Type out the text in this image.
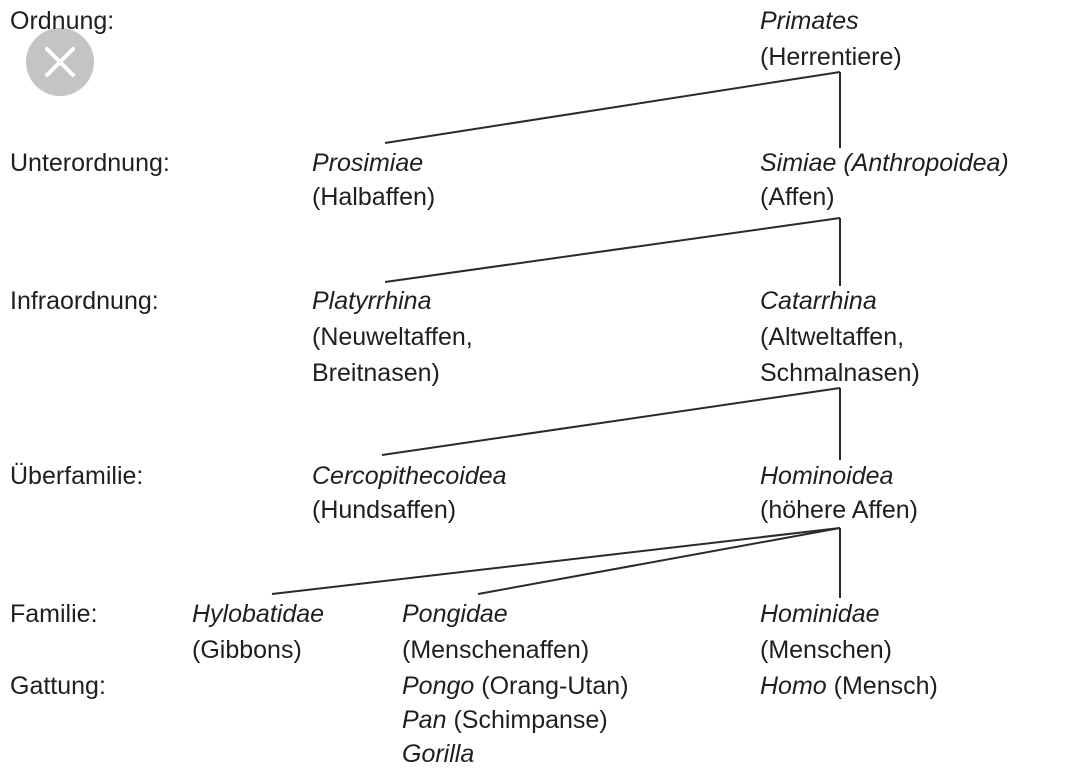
Ordnung:
Unterordnung:
Infraordnung:
Überfamilie:
Familie:
Gattung:
Primates
(Herrentiere)
Prosimiae
(Halbaffen)
Simiae (Anthropoidea)
(Affen)
Platyrrhina
(Neuweltaffen,
Breitnasen)
Catarrhina
(Altweltaffen,
Schmalnasen)
Cercopithecoidea
(Hundsaffen)
Hominoidea
(höhere Affen)
Hylobatidae
(Gibbons)
Pongidae
(Menschenaffen)
Hominidae
(Menschen)
Pongo (Orang-Utan)
Pan (Schimpanse)
Gorilla
Homo (Mensch)
